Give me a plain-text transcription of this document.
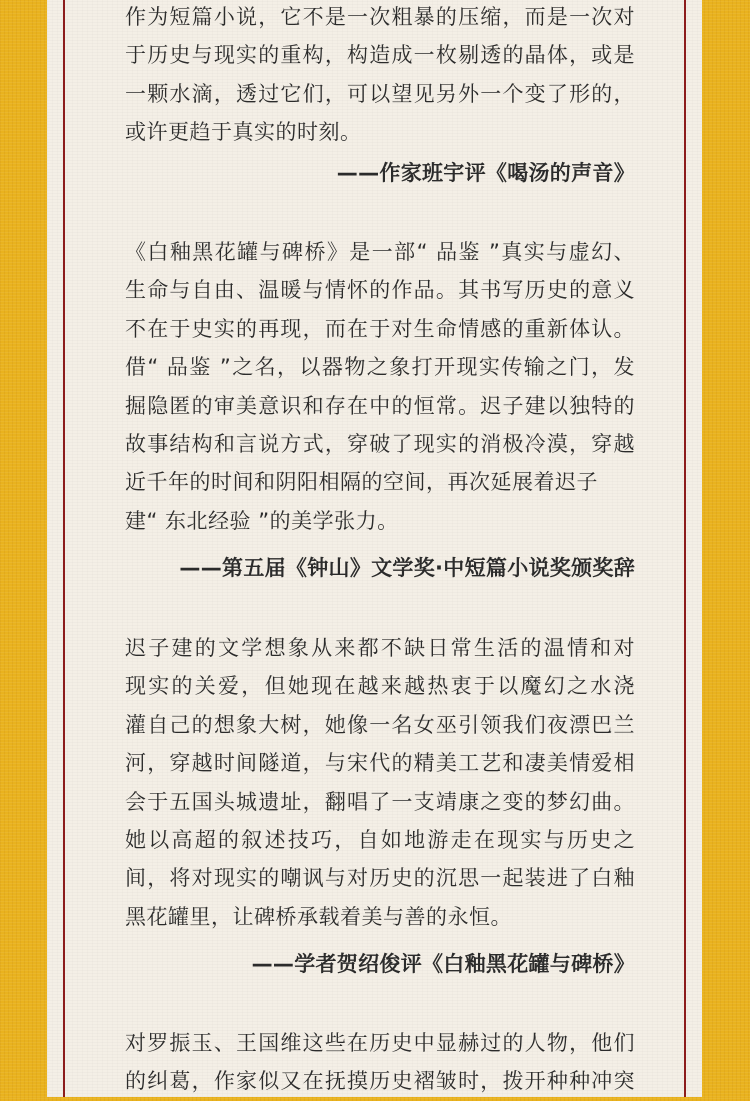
作为短篇小说，它不是一次粗暴的压缩，而是一次对
于历史与现实的重构，构造成一枚剔透的晶体，或是
一颗水滴，透过它们，可以望见另外一个变了形的，
或许更趋于真实的时刻。
——作家班宇评《喝汤的声音》
《白釉黑花罐与碑桥》是一部“ 品鉴 ”真实与虚幻、
生命与自由、温暖与情怀的作品。其书写历史的意义
不在于史实的再现，而在于对生命情感的重新体认。
借“ 品鉴 ”之名，以器物之象打开现实传输之门，发
掘隐匿的审美意识和存在中的恒常。迟子建以独特的
故事结构和言说方式，穿破了现实的消极冷漠，穿越
近千年的时间和阴阳相隔的空间，再次延展着迟子
建“ 东北经验 ”的美学张力。
——第五届《钟山》文学奖·中短篇小说奖颁奖辞
迟子建的文学想象从来都不缺日常生活的温情和对
现实的关爱，但她现在越来越热衷于以魔幻之水浇
灌自己的想象大树，她像一名女巫引领我们夜漂巴兰
河，穿越时间隧道，与宋代的精美工艺和凄美情爱相
会于五国头城遗址，翻唱了一支靖康之变的梦幻曲。
她以高超的叙述技巧，自如地游走在现实与历史之
间，将对现实的嘲讽与对历史的沉思一起装进了白釉
黑花罐里，让碑桥承载着美与善的永恒。
——学者贺绍俊评《白釉黑花罐与碑桥》
对罗振玉、王国维这些在历史中显赫过的人物，他们
的纠葛，作家似又在抚摸历史褶皱时，拨开种种冲突
